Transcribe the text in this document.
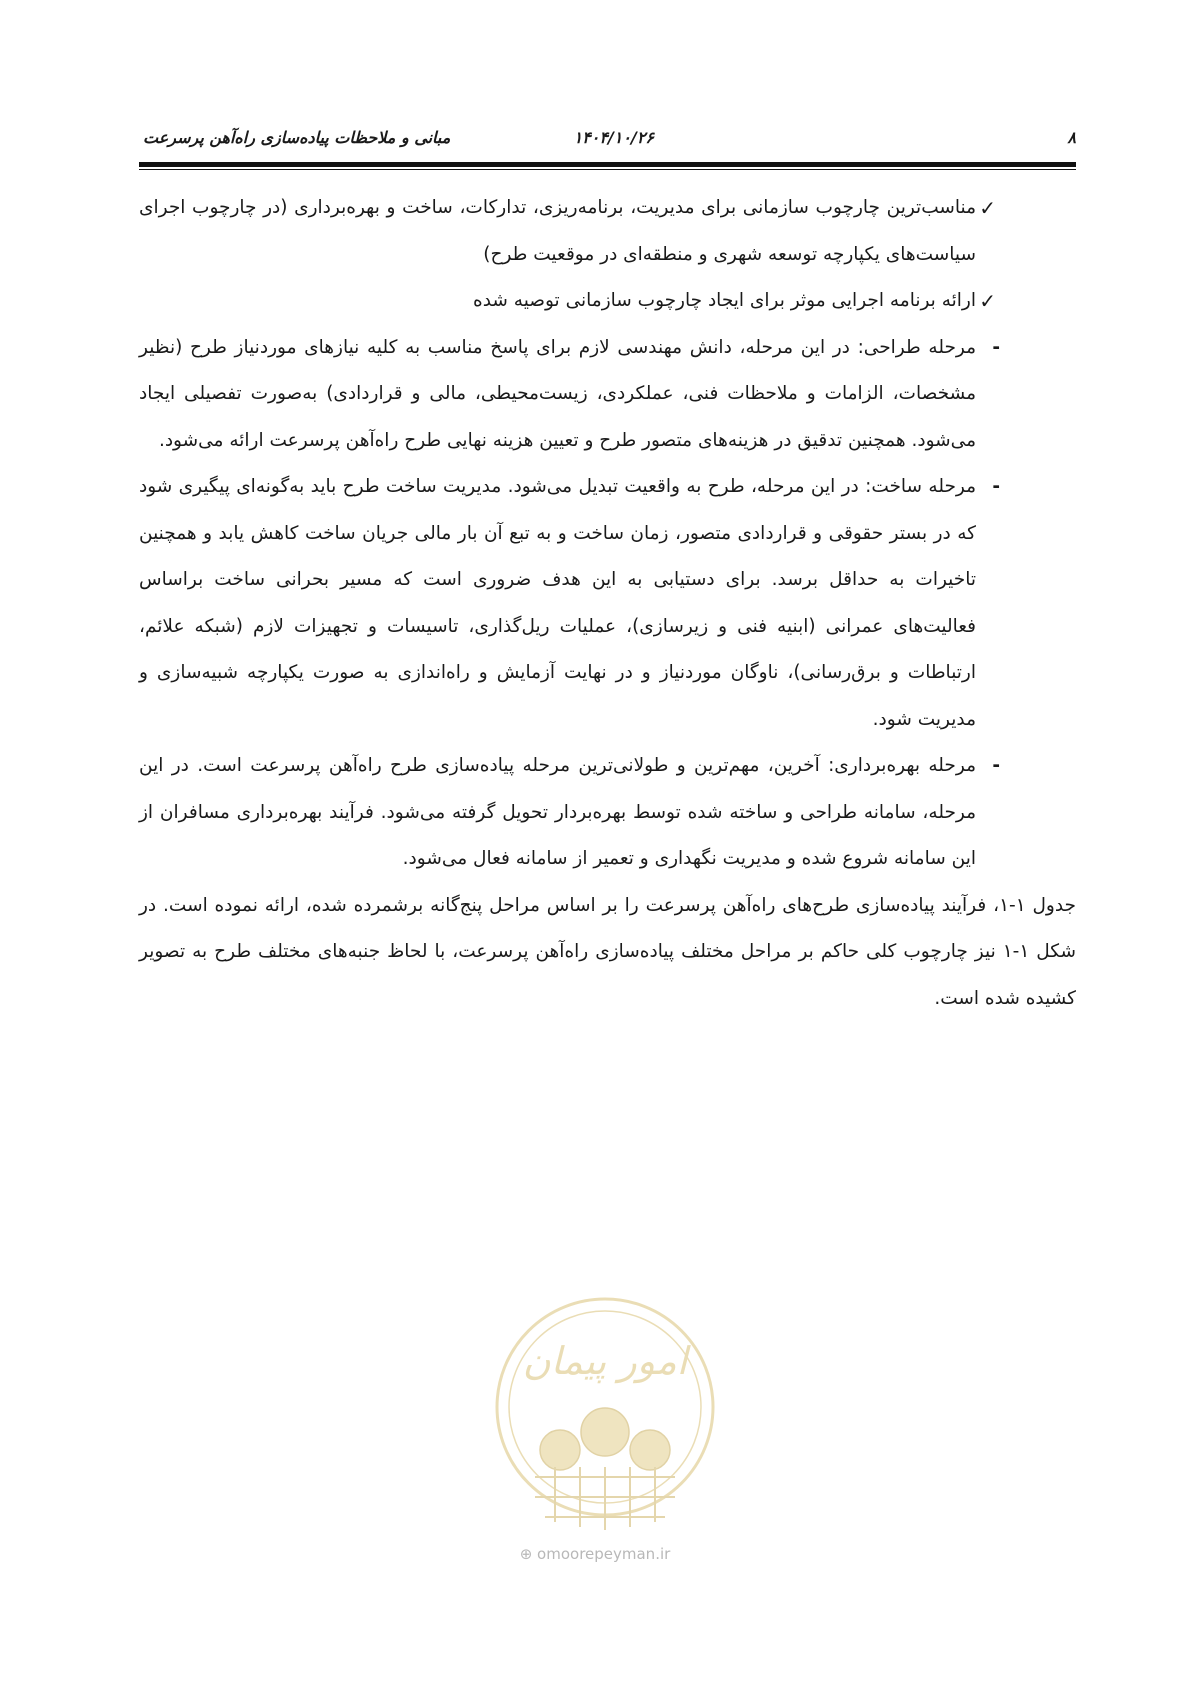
۸
۱۴۰۴/۱۰/۲۶
مبانی و ملاحظات پیاده‌سازی راه‌آهن پرسرعت
✓
مناسب‌ترین چارچوب سازمانی برای مدیریت، برنامه‌ریزی، تدارکات، ساخت و بهره‌برداری (در چارچوب اجرای سیاست‌های یکپارچه توسعه شهری و منطقه‌ای در موقعیت طرح)
✓
ارائه برنامه اجرایی موثر برای ایجاد چارچوب سازمانی توصیه شده
-
مرحله طراحی: در این مرحله، دانش مهندسی لازم برای پاسخ مناسب به کلیه نیازهای موردنیاز طرح (نظیر مشخصات، الزامات و ملاحظات فنی، عملکردی، زیست‌محیطی، مالی و قراردادی) به‌صورت تفصیلی ایجاد می‌شود. همچنین تدقیق در هزینه‌های متصور طرح و تعیین هزینه نهایی طرح راه‌آهن پرسرعت ارائه می‌شود.
-
مرحله ساخت: در این مرحله، طرح به واقعیت تبدیل می‌شود. مدیریت ساخت طرح باید به‌گونه‌ای پیگیری شود که در بستر حقوقی و قراردادی متصور، زمان ساخت و به تبع آن بار مالی جریان ساخت کاهش یابد و همچنین تاخیرات به حداقل برسد. برای دستیابی به این هدف ضروری است که مسیر بحرانی ساخت براساس فعالیت‌های عمرانی (ابنیه فنی و زیرسازی)، عملیات ریل‌گذاری، تاسیسات و تجهیزات لازم (شبکه علائم، ارتباطات و برق‌رسانی)، ناوگان موردنیاز و در نهایت آزمایش و راه‌اندازی به صورت یکپارچه شبیه‌سازی و مدیریت شود.
-
مرحله بهره‌برداری: آخرین، مهم‌ترین و طولانی‌ترین مرحله پیاده‌سازی طرح راه‌آهن پرسرعت است. در این مرحله، سامانه طراحی و ساخته شده توسط بهره‌بردار تحویل گرفته می‌شود. فرآیند بهره‌برداری مسافران از این سامانه شروع شده و مدیریت نگهداری و تعمیر از سامانه فعال می‌شود.

جدول ۱-۱، فرآیند پیاده‌سازی طرح‌های راه‌آهن پرسرعت را بر اساس مراحل پنج‌گانه برشمرده شده، ارائه نموده است. در شکل ۱-۱ نیز چارچوب کلی حاکم بر مراحل مختلف پیاده‌سازی راه‌آهن پرسرعت، با لحاظ جنبه‌های مختلف طرح به تصویر کشیده شده است.

امور پیمان
⊕ omoorepeyman.ir
